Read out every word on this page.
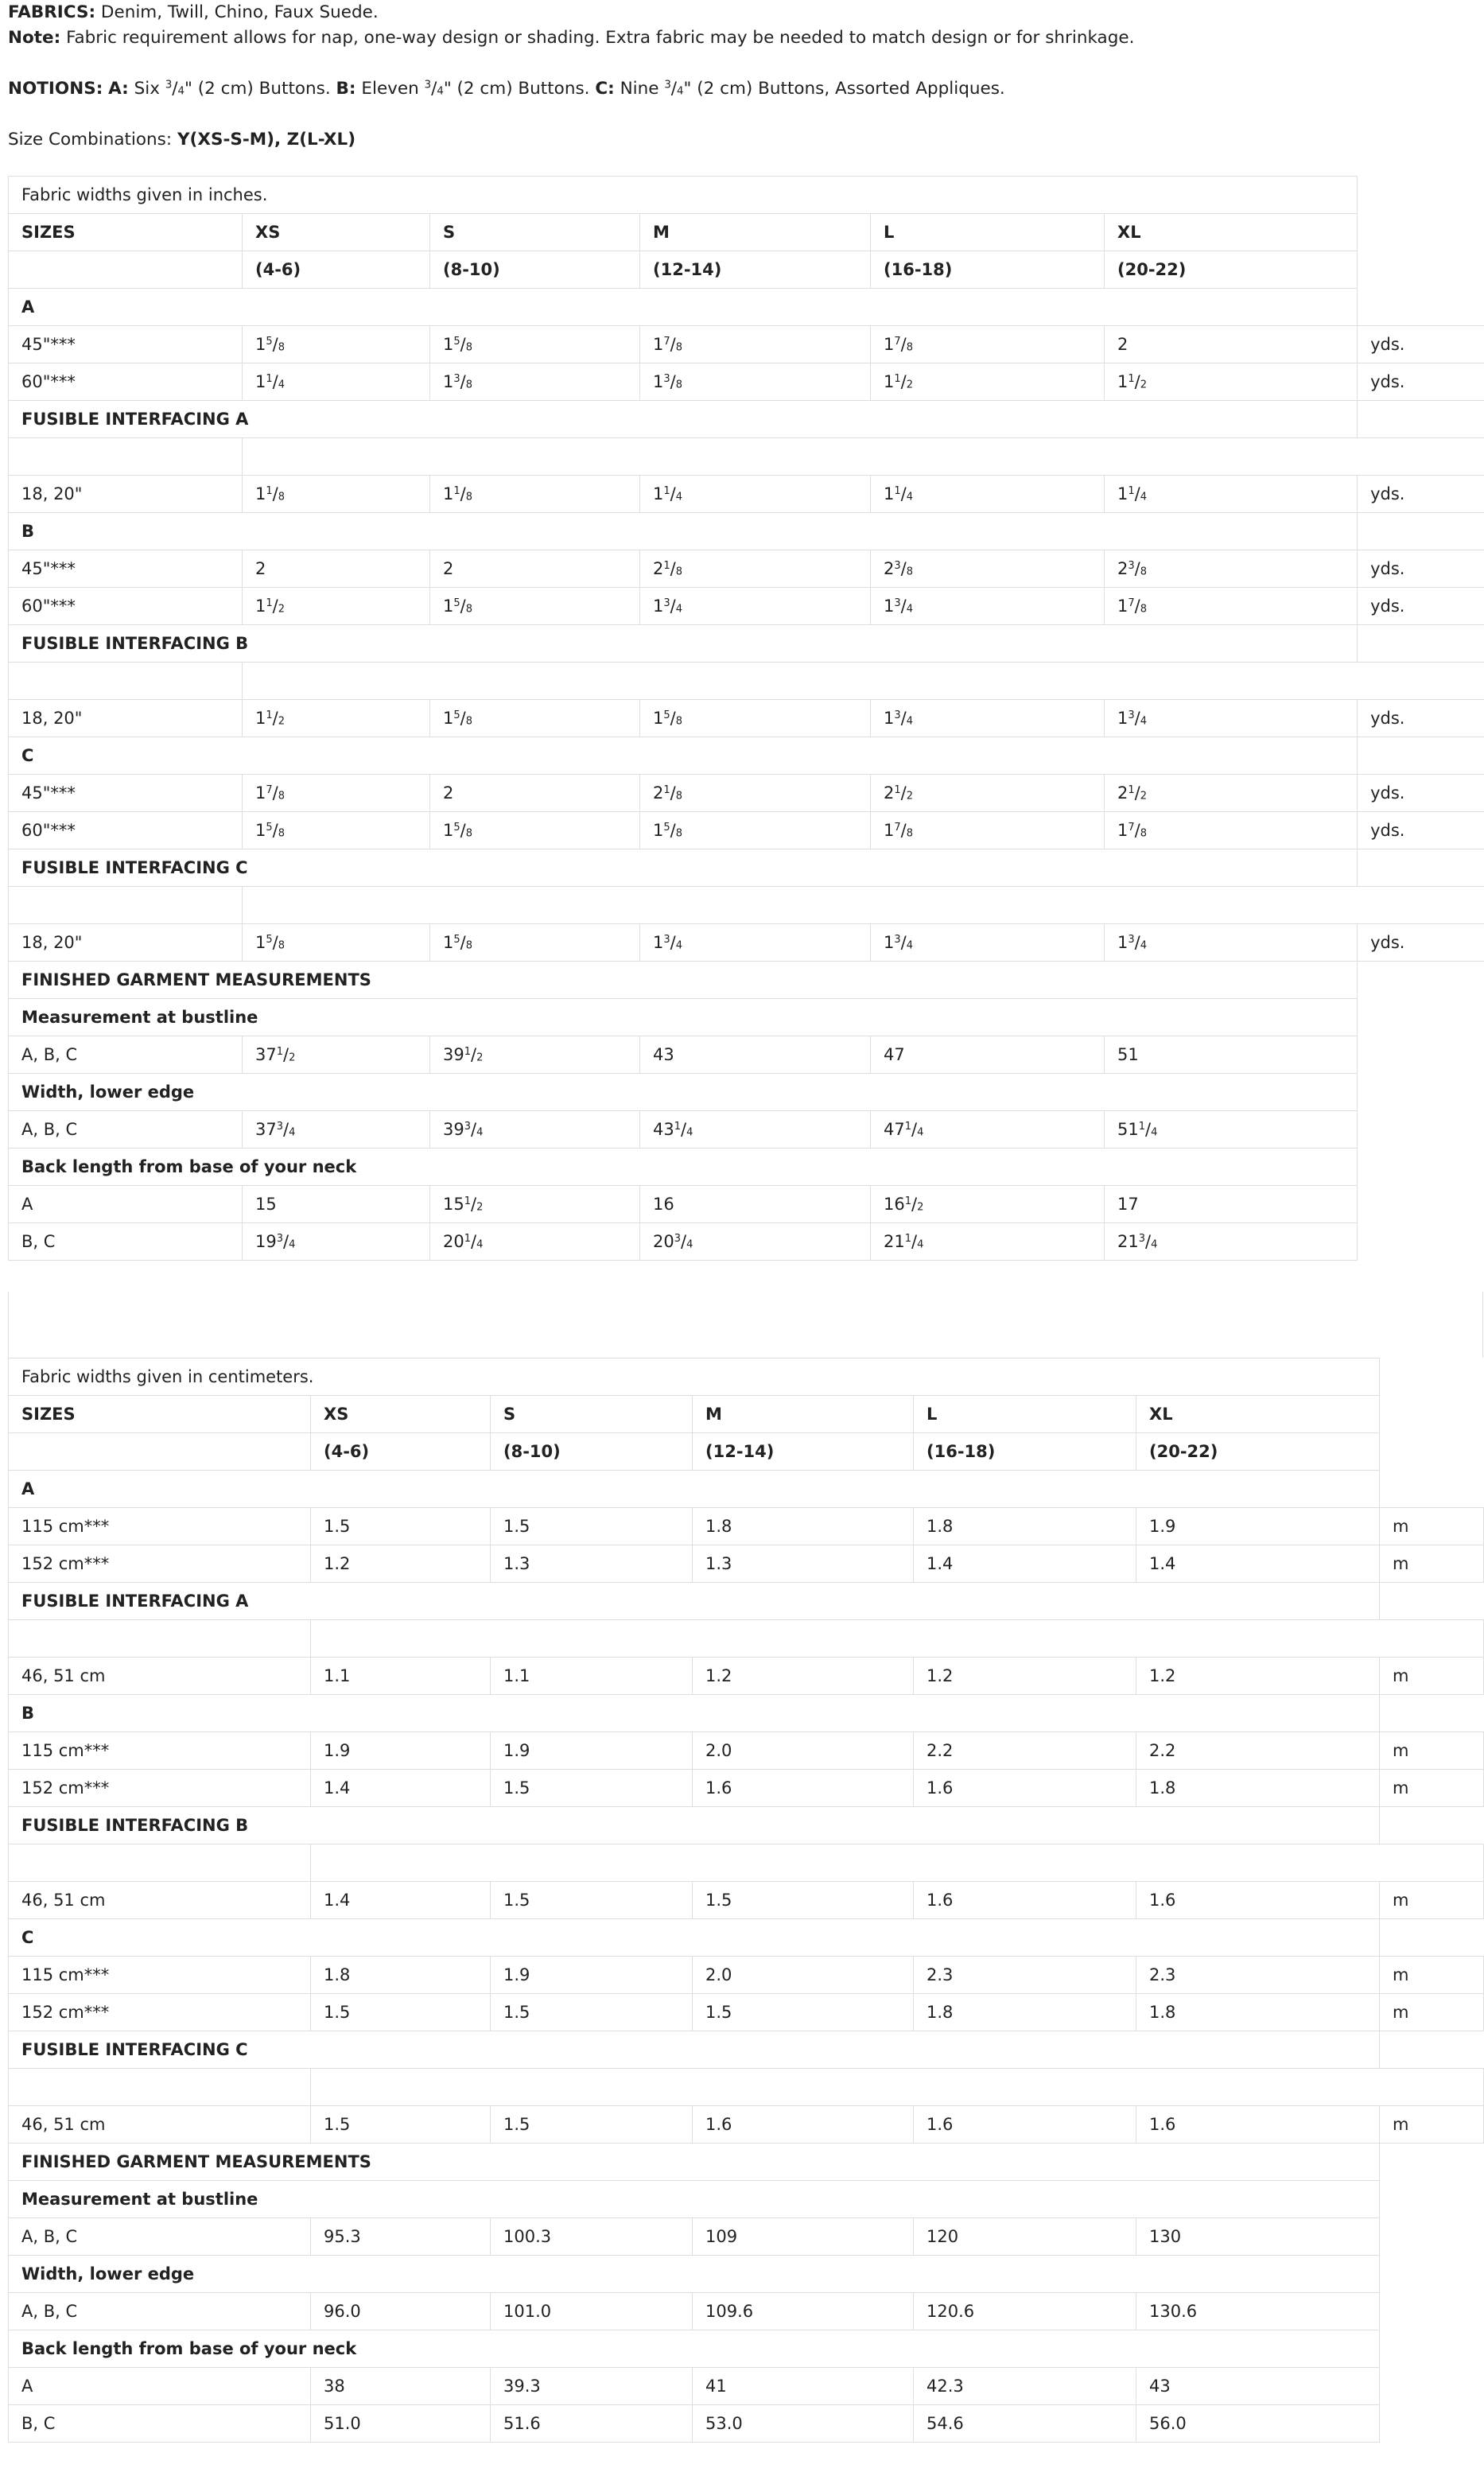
FABRICS: Denim, Twill, Chino, Faux Suede.

Note: Fabric requirement allows for nap, one-way design or shading. Extra fabric may be needed to match design or for shrinkage.

NOTIONS: A: Six $^3/_4$" (2 cm) Buttons. B: Eleven $^3/_4$" (2 cm) Buttons. C: Nine $^3/_4$" (2 cm) Buttons, Assorted Appliques.

Size Combinations: Y(XS-S-M), Z(L-XL)

Fabric widths given in inches.						
SIZES	XS	S	M	L	XL	
	(4-6)	(8-10)	(12-14)	(16-18)	(20-22)	
A						
45"***	$1^5/_8$	$1^5/_8$	$1^7/_8$	$1^7/_8$	2	yds.
60"***	$1^1/_4$	$1^3/_8$	$1^3/_8$	$1^1/_2$	$1^1/_2$	yds.
FUSIBLE INTERFACING A						

18, 20"	$1^1/_8$	$1^1/_8$	$1^1/_4$	$1^1/_4$	$1^1/_4$	yds.
B						
45"***	2	2	$2^1/_8$	$2^3/_8$	$2^3/_8$	yds.
60"***	$1^1/_2$	$1^5/_8$	$1^3/_4$	$1^3/_4$	$1^7/_8$	yds.
FUSIBLE INTERFACING B						

18, 20"	$1^1/_2$	$1^5/_8$	$1^5/_8$	$1^3/_4$	$1^3/_4$	yds.
C						
45"***	$1^7/_8$	2	$2^1/_8$	$2^1/_2$	$2^1/_2$	yds.
60"***	$1^5/_8$	$1^5/_8$	$1^5/_8$	$1^7/_8$	$1^7/_8$	yds.
FUSIBLE INTERFACING C						

18, 20"	$1^5/_8$	$1^5/_8$	$1^3/_4$	$1^3/_4$	$1^3/_4$	yds.
FINISHED GARMENT MEASUREMENTS						
Measurement at bustline						
A, B, C	$37^1/_2$	$39^1/_2$	43	47	51	
Width, lower edge						
A, B, C	$37^3/_4$	$39^3/_4$	$43^1/_4$	$47^1/_4$	$51^1/_4$	
Back length from base of your neck						
A	15	$15^1/_2$	16	$16^1/_2$	17	
B, C	$19^3/_4$	$20^1/_4$	$20^3/_4$	$21^1/_4$	$21^3/_4$	
Fabric widths given in centimeters.						
SIZES	XS	S	M	L	XL	
	(4-6)	(8-10)	(12-14)	(16-18)	(20-22)	
A						
115 cm***	1.5	1.5	1.8	1.8	1.9	m
152 cm***	1.2	1.3	1.3	1.4	1.4	m
FUSIBLE INTERFACING A						

46, 51 cm	1.1	1.1	1.2	1.2	1.2	m
B						
115 cm***	1.9	1.9	2.0	2.2	2.2	m
152 cm***	1.4	1.5	1.6	1.6	1.8	m
FUSIBLE INTERFACING B						

46, 51 cm	1.4	1.5	1.5	1.6	1.6	m
C						
115 cm***	1.8	1.9	2.0	2.3	2.3	m
152 cm***	1.5	1.5	1.5	1.8	1.8	m
FUSIBLE INTERFACING C						

46, 51 cm	1.5	1.5	1.6	1.6	1.6	m
FINISHED GARMENT MEASUREMENTS						
Measurement at bustline						
A, B, C	95.3	100.3	109	120	130	
Width, lower edge						
A, B, C	96.0	101.0	109.6	120.6	130.6	
Back length from base of your neck						
A	38	39.3	41	42.3	43	
B, C	51.0	51.6	53.0	54.6	56.0	
